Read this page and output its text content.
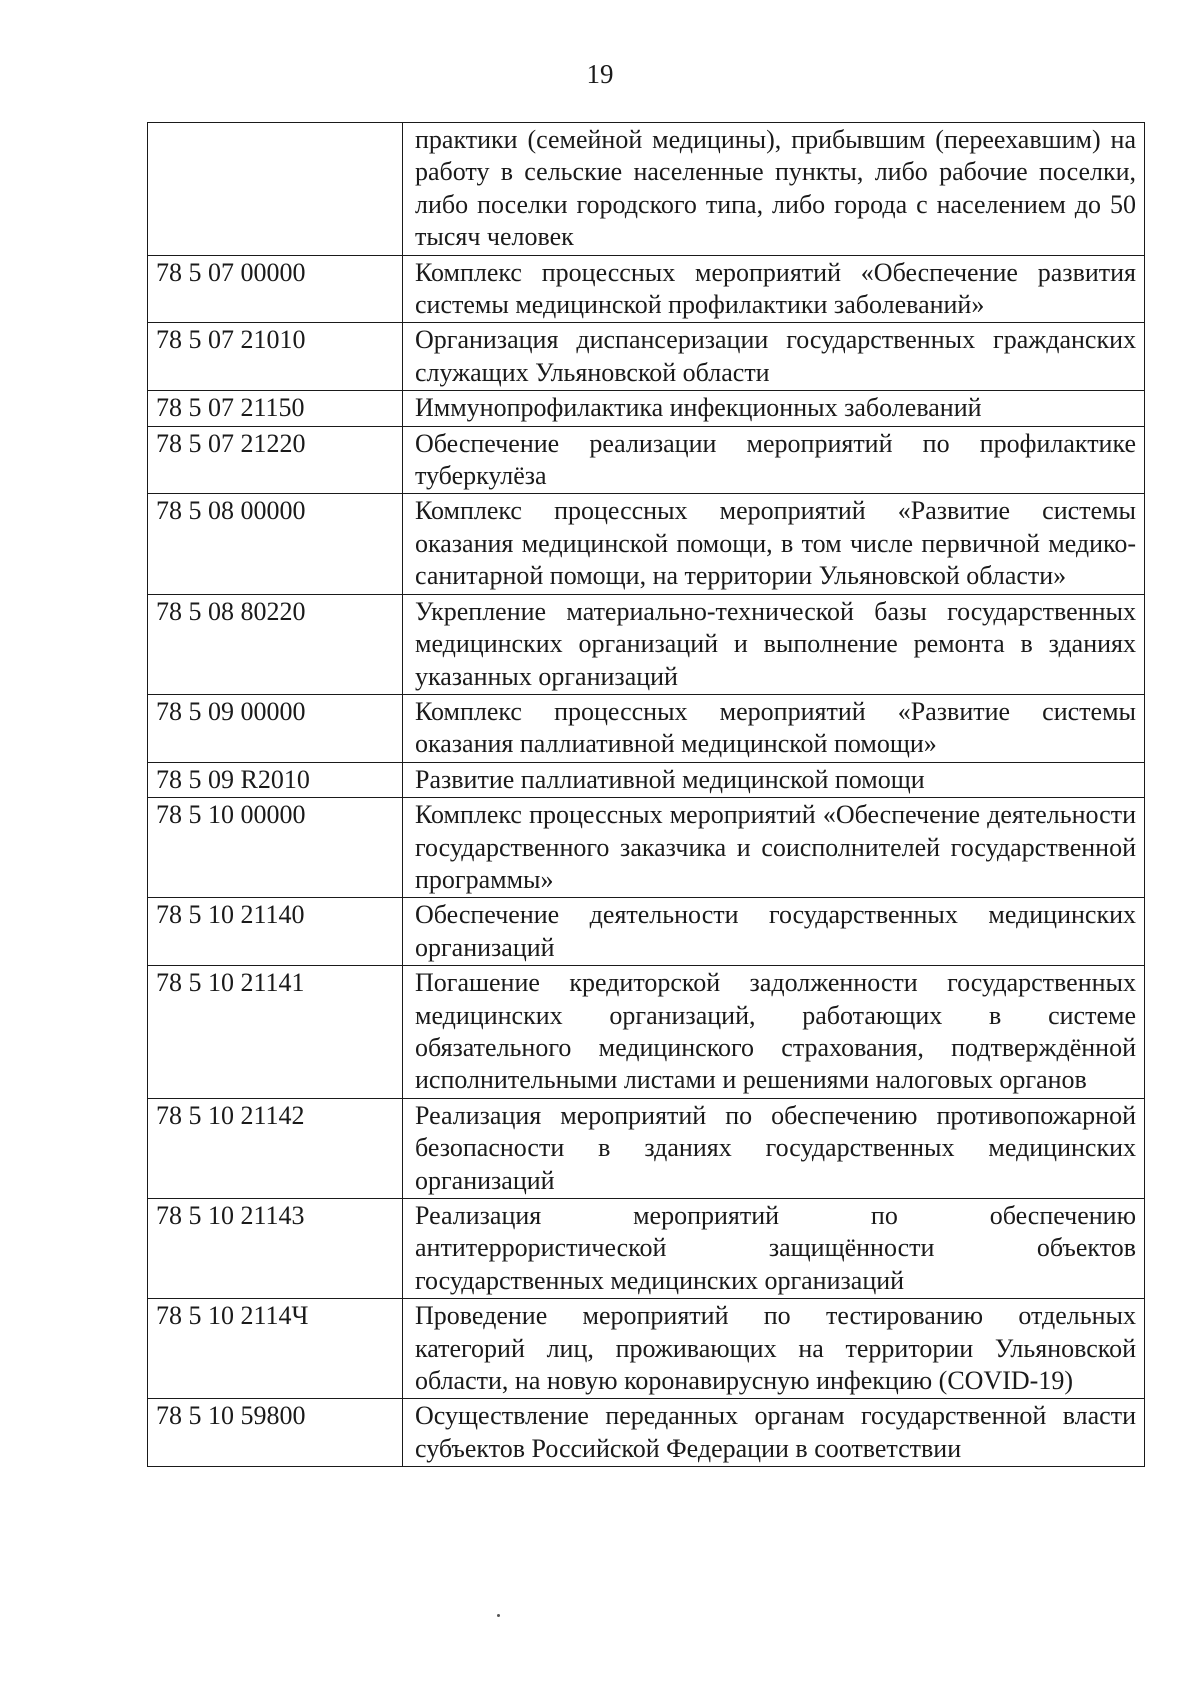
19
	практики (семейной медицины), прибывшим (переехавшим) на работу в сельские населенные пункты, либо рабочие поселки, либо поселки городского типа, либо города с населением до 50 тысяч человек
78 5 07 00000	Комплекс процессных мероприятий «Обеспечение развития системы медицинской профилактики заболеваний»
78 5 07 21010	Организация диспансеризации государственных гражданских служащих Ульяновской области
78 5 07 21150	Иммунопрофилактика инфекционных заболеваний
78 5 07 21220	Обеспечение реализации мероприятий по профилактике туберкулёза
78 5 08 00000	Комплекс процессных мероприятий «Развитие системы оказания медицинской помощи, в том числе первичной медико-санитарной помощи, на территории Ульяновской области»
78 5 08 80220	Укрепление материально-технической базы государственных медицинских организаций и выполнение ремонта в зданиях указанных организаций
78 5 09 00000	Комплекс процессных мероприятий «Развитие системы оказания паллиативной медицинской помощи»
78 5 09 R2010	Развитие паллиативной медицинской помощи
78 5 10 00000	Комплекс процессных мероприятий «Обеспечение деятельности государственного заказчика и соисполнителей государственной программы»
78 5 10 21140	Обеспечение деятельности государственных медицинских организаций
78 5 10 21141	Погашение кредиторской задолженности государственных медицинских организаций, работающих в системе обязательного медицинского страхования, подтверждённой исполнительными листами и решениями налоговых органов
78 5 10 21142	Реализация мероприятий по обеспечению противопожарной безопасности в зданиях государственных медицинских организаций
78 5 10 21143	Реализация мероприятий по обеспечению антитеррористической защищённости объектов государственных медицинских организаций
78 5 10 2114Ч	Проведение мероприятий по тестированию отдельных категорий лиц, проживающих на территории Ульяновской области, на новую коронавирусную инфекцию (COVID-19)
78 5 10 59800	Осуществление переданных органам государственной власти субъектов Российской Федерации в соответствии
